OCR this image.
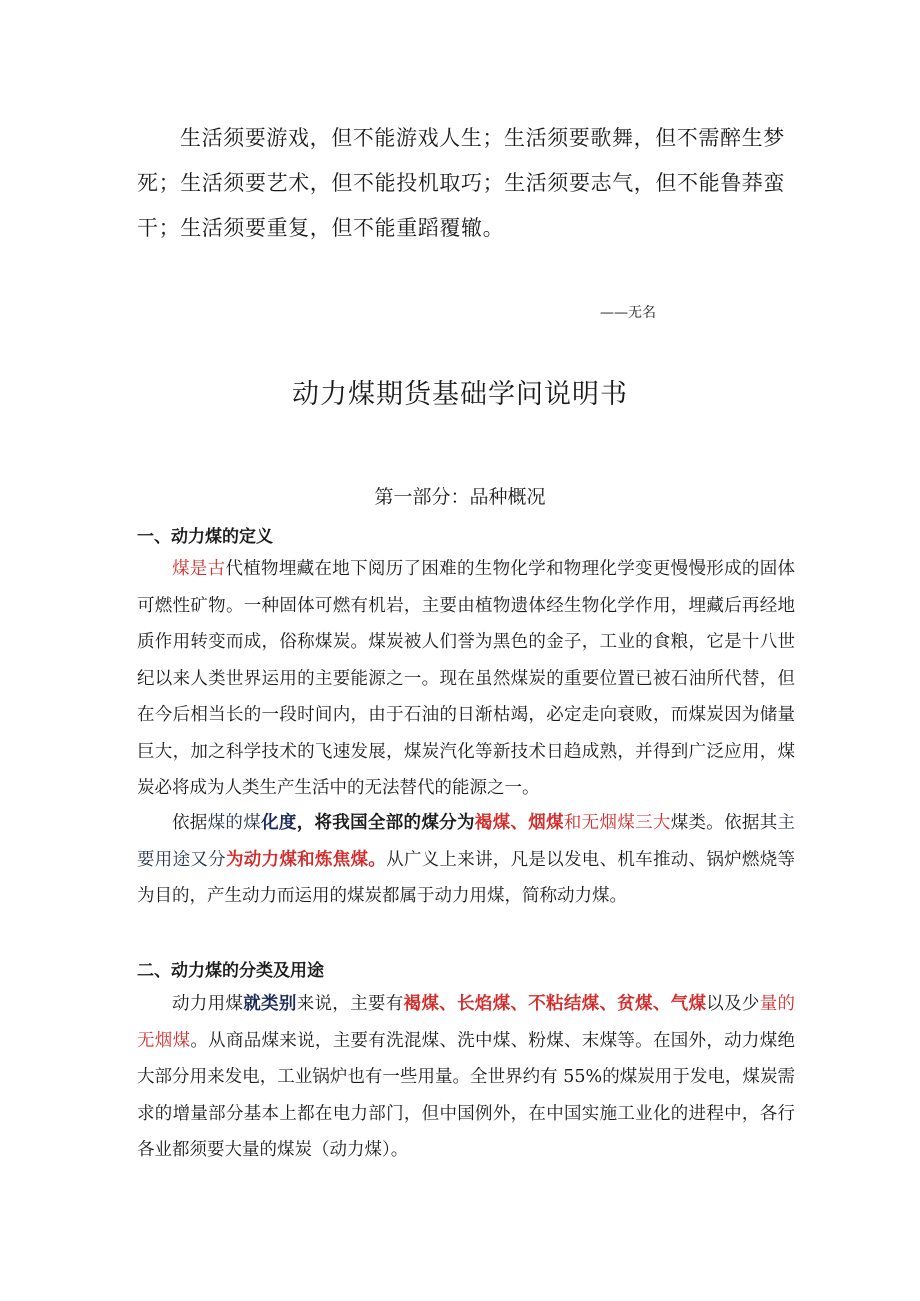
生活须要游戏，但不能游戏人生；生活须要歌舞，但不需醉生梦死；生活须要艺术，但不能投机取巧；生活须要志气，但不能鲁莽蛮干；生活须要重复，但不能重蹈覆辙。

——无名

动力煤期货基础学问说明书
第一部分：品种概况
一、动力煤的定义

煤是古代植物埋藏在地下阅历了困难的生物化学和物理化学变更慢慢形成的固体可燃性矿物。一种固体可燃有机岩，主要由植物遗体经生物化学作用，埋藏后再经地质作用转变而成，俗称煤炭。煤炭被人们誉为黑色的金子，工业的食粮，它是十八世纪以来人类世界运用的主要能源之一。现在虽然煤炭的重要位置已被石油所代替，但在今后相当长的一段时间内，由于石油的日渐枯竭，必定走向衰败，而煤炭因为储量巨大，加之科学技术的飞速发展，煤炭汽化等新技术日趋成熟，并得到广泛应用，煤炭必将成为人类生产生活中的无法替代的能源之一。

依据煤的煤化度，将我国全部的煤分为褐煤、烟煤和无烟煤三大煤类。依据其主要用途又分为动力煤和炼焦煤。从广义上来讲，凡是以发电、机车推动、锅炉燃烧等为目的，产生动力而运用的煤炭都属于动力用煤，简称动力煤。

二、动力煤的分类及用途

动力用煤就类别来说，主要有褐煤、长焰煤、不粘结煤、贫煤、气煤以及少量的无烟煤。从商品煤来说，主要有洗混煤、洗中煤、粉煤、末煤等。在国外，动力煤绝大部分用来发电，工业锅炉也有一些用量。全世界约有 55%的煤炭用于发电，煤炭需求的增量部分基本上都在电力部门，但中国例外，在中国实施工业化的进程中，各行各业都须要大量的煤炭（动力煤）。
